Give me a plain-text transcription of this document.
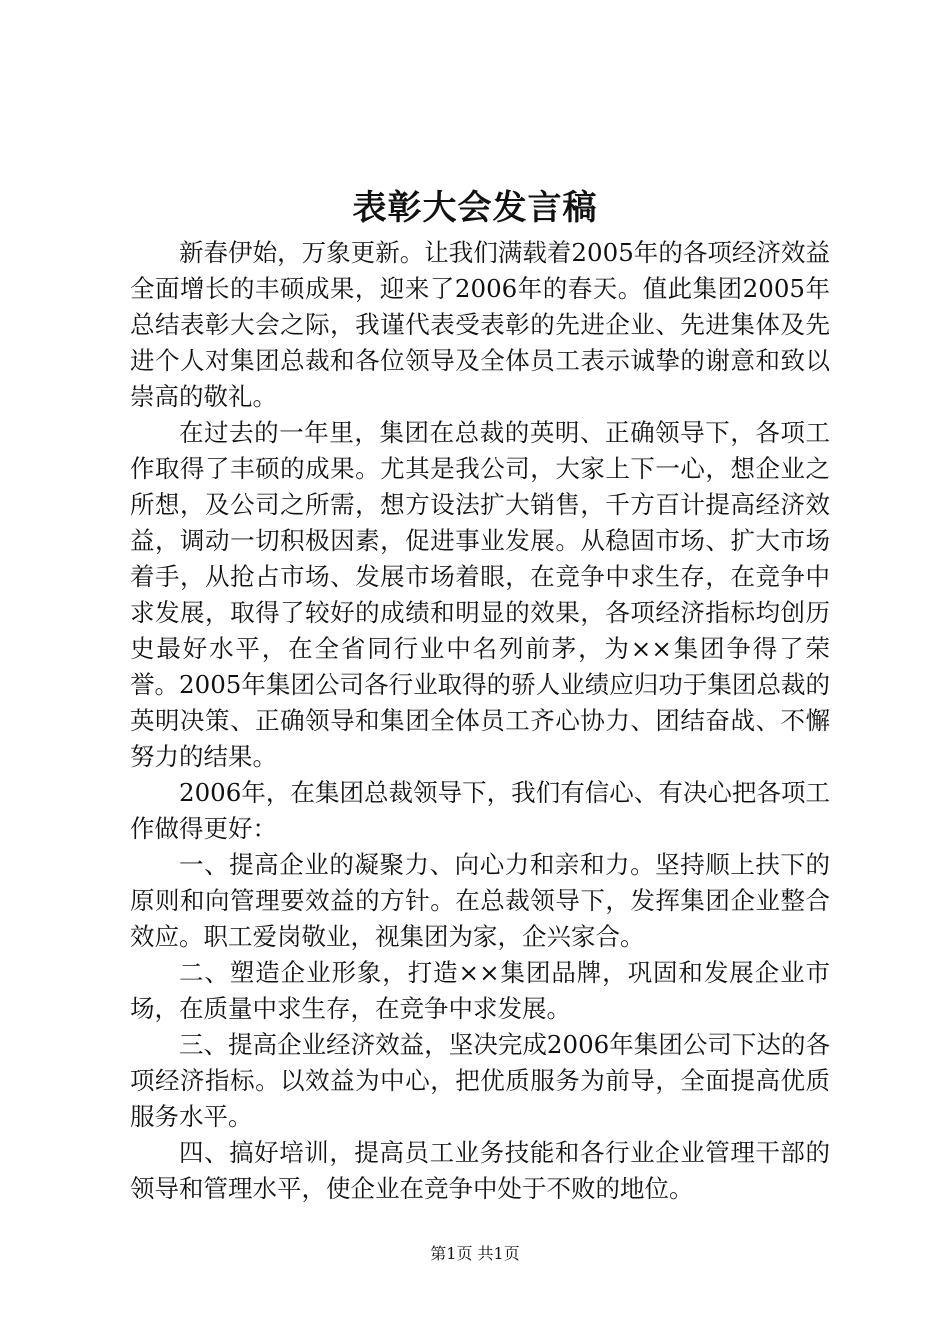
表彰大会发言稿

新春伊始，万象更新。让我们满载着2005年的各项经济效益全面增长的丰硕成果，迎来了2006年的春天。值此集团2005年总结表彰大会之际，我谨代表受表彰的先进企业、先进集体及先进个人对集团总裁和各位领导及全体员工表示诚挚的谢意和致以崇高的敬礼。

在过去的一年里，集团在总裁的英明、正确领导下，各项工作取得了丰硕的成果。尤其是我公司，大家上下一心，想企业之所想，及公司之所需，想方设法扩大销售，千方百计提高经济效益，调动一切积极因素，促进事业发展。从稳固市场、扩大市场着手，从抢占市场、发展市场着眼，在竞争中求生存，在竞争中求发展，取得了较好的成绩和明显的效果，各项经济指标均创历史最好水平，在全省同行业中名列前茅，为××集团争得了荣誉。2005年集团公司各行业取得的骄人业绩应归功于集团总裁的英明决策、正确领导和集团全体员工齐心协力、团结奋战、不懈努力的结果。

2006年，在集团总裁领导下，我们有信心、有决心把各项工作做得更好：

一、提高企业的凝聚力、向心力和亲和力。坚持顺上扶下的原则和向管理要效益的方针。在总裁领导下，发挥集团企业整合效应。职工爱岗敬业，视集团为家，企兴家合。

二、塑造企业形象，打造××集团品牌，巩固和发展企业市场，在质量中求生存，在竞争中求发展。

三、提高企业经济效益，坚决完成2006年集团公司下达的各项经济指标。以效益为中心，把优质服务为前导，全面提高优质服务水平。

四、搞好培训，提高员工业务技能和各行业企业管理干部的领导和管理水平，使企业在竞争中处于不败的地位。

第1页 共1页
